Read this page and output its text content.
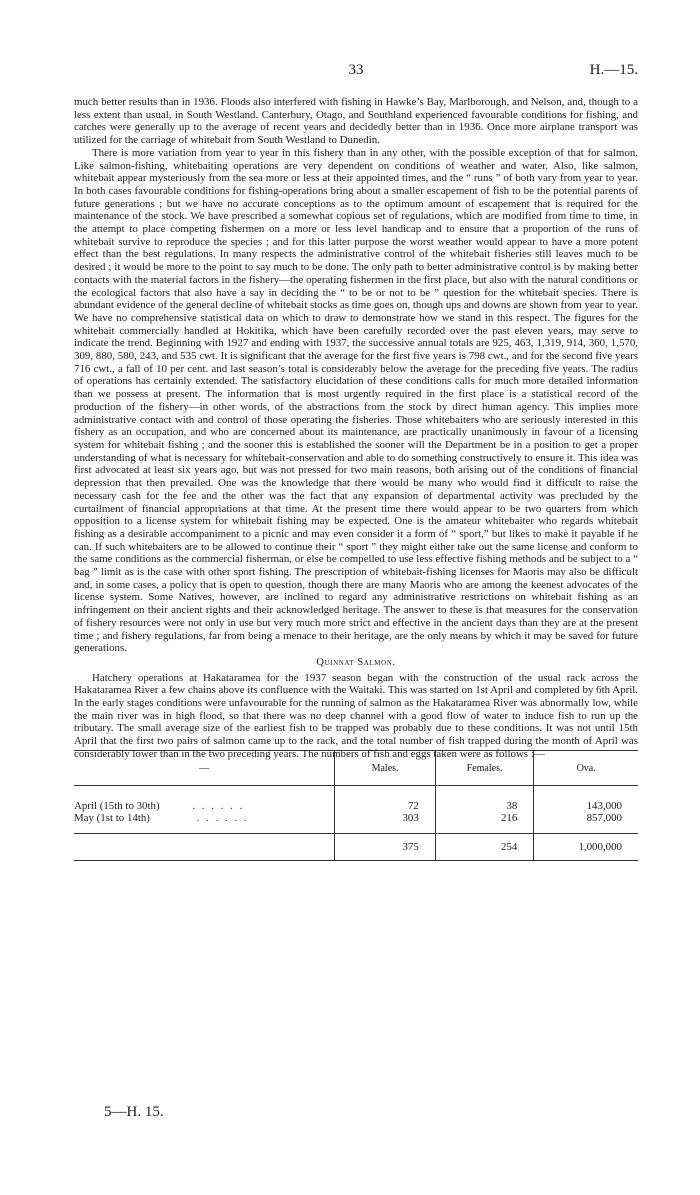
33	H.—15.

much better results than in 1936. Floods also interfered with fishing in Hawke’s Bay, Marlborough, and Nelson, and, though to a less extent than usual, in South Westland. Canterbury, Otago, and Southland experienced favourable conditions for fishing, and catches were generally up to the average of recent years and decidedly better than in 1936. Once more airplane transport was utilized for the carriage of whitebait from South Westland to Dunedin.

There is more variation from year to year in this fishery than in any other, with the possible exception of that for salmon. Like salmon-fishing, whitebaiting operations are very dependent on conditions of weather and water. Also, like salmon, whitebait appear mysteriously from the sea more or less at their appointed times, and the “ runs ” of both vary from year to year. In both cases favourable conditions for fishing-operations bring about a smaller escapement of fish to be the potential parents of future generations ; but we have no accurate conceptions as to the optimum amount of escapement that is required for the maintenance of the stock. We have prescribed a somewhat copious set of regulations, which are modified from time to time, in the attempt to place competing fishermen on a more or less level handicap and to ensure that a proportion of the runs of whitebait survive to reproduce the species ; and for this latter purpose the worst weather would appear to have a more potent effect than the best regulations. In many respects the administrative control of the whitebait fisheries still leaves much to be desired ; it would be more to the point to say much to be done. The only path to better administrative control is by making better contacts with the material factors in the fishery—the operating fishermen in the first place, but also with the natural conditions or the ecological factors that also have a say in deciding the “ to be or not to be ” question for the whitebait species. There is abundant evidence of the general decline of whitebait stocks as time goes on, though ups and downs are shown from year to year. We have no comprehensive statistical data on which to draw to demonstrate how we stand in this respect. The figures for the whitebait commercially handled at Hokitika, which have been carefully recorded over the past eleven years, may serve to indicate the trend. Beginning with 1927 and ending with 1937, the successive annual totals are 925, 463, 1,319, 914, 360, 1,570, 309, 880, 580, 243, and 535 cwt. It is significant that the average for the first five years is 798 cwt., and for the second five years 716 cwt., a fall of 10 per cent. and last season’s total is considerably below the average for the preceding five years. The radius of operations has certainly extended. The satisfactory elucidation of these conditions calls for much more detailed information than we possess at present. The information that is most urgently required in the first place is a statistical record of the production of the fishery—in other words, of the abstractions from the stock by direct human agency. This implies more administrative contact with and control of those operating the fisheries. Those whitebaiters who are seriously interested in this fishery as an occupation, and who are concerned about its maintenance, are practically unanimously in favour of a licensing system for whitebait fishing ; and the sooner this is established the sooner will the Department be in a position to get a proper understanding of what is necessary for whitebait-conservation and able to do something constructively to ensure it. This idea was first advocated at least six years ago, but was not pressed for two main reasons, both arising out of the conditions of financial depression that then prevailed. One was the knowledge that there would be many who would find it difficult to raise the necessary cash for the fee and the other was the fact that any expansion of departmental activity was precluded by the curtailment of financial appropriations at that time. At the present time there would appear to be two quarters from which opposition to a license system for whitebait fishing may be expected. One is the amateur whitebaiter who regards whitebait fishing as a desirable accompaniment to a picnic and may even consider it a form of “ sport,” but likes to make it payable if he can. If such whitebaiters are to be allowed to continue their “ sport ” they might either take out the same license and conform to the same conditions as the commercial fisherman, or else be compelled to use less effective fishing methods and be subject to a “ bag ” limit as is the case with other sport fishing. The prescription of whitebait-fishing licenses for Maoris may also be difficult and, in some cases, a policy that is open to question, though there are many Maoris who are among the keenest advocates of the license system. Some Natives, however, are inclined to regard any administrative restrictions on whitebait fishing as an infringement on their ancient rights and their acknowledged heritage. The answer to these is that measures for the conservation of fishery resources were not only in use but very much more strict and effective in the ancient days than they are at the present time ; and fishery regulations, far from being a menace to their heritage, are the only means by which it may be saved for future generations.

Quinnat Salmon.

Hatchery operations at Hakataramea for the 1937 season began with the construction of the usual rack across the Hakataramea River a few chains above its confluence with the Waitaki. This was started on 1st April and completed by 6th April. In the early stages conditions were unfavourable for the running of salmon as the Hakataramea River was abnormally low, while the main river was in high flood, so that there was no deep channel with a good flow of water to induce fish to run up the tributary. The small average size of the earliest fish to be trapped was probably due to these conditions. It was not until 15th April that the first two pairs of salmon came up to the rack, and the total number of fish trapped during the month of April was considerably lower than in the two preceding years. The numbers of fish and eggs taken were as follows :—

—	Males.	Females.	Ova.

April (15th to 30th) . . . . . .	72	38	143,000
May (1st to 14th) . . . . . .	303	216	857,000

	375	254	1,000,000
5—H. 15.
